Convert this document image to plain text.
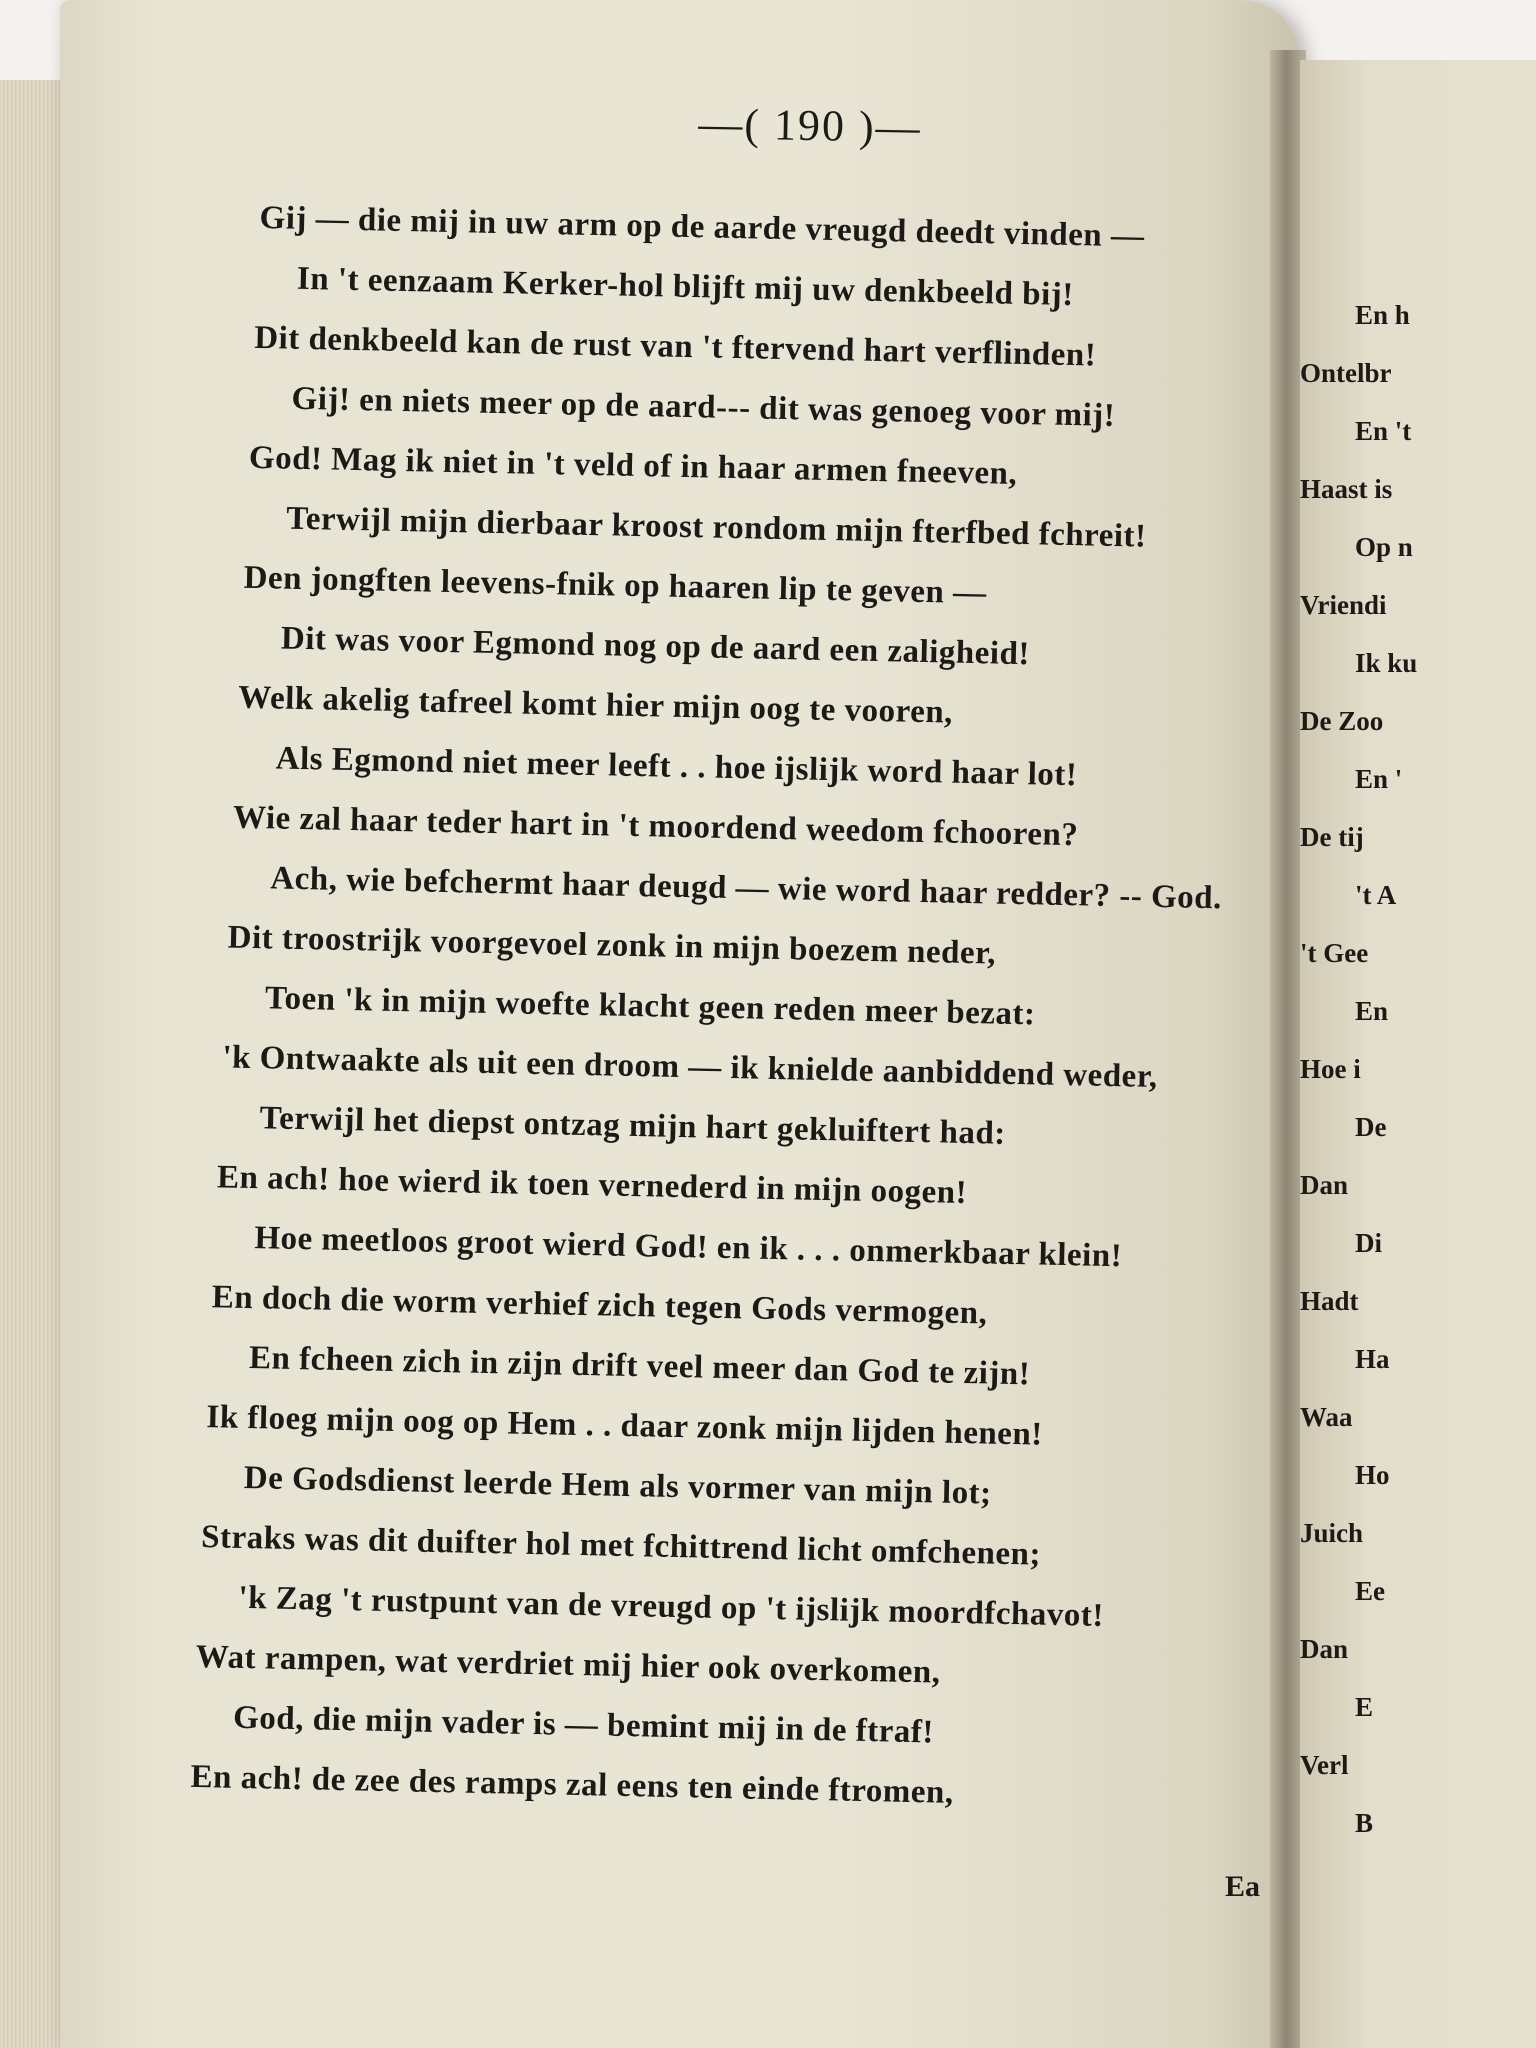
En h
Ontelbr
En 't
Haast is
Op n
Vriendi
Ik ku
De Zoo
En '
De tij
't A
't Gee
En
Hoe i
De
Dan
Di
Hadt
Ha
Waa
Ho
Juich
Ee
Dan
E
Verl
B
—( 190 )—
Gij — die mij in uw arm op de aarde vreugd deedt vinden —
In 't eenzaam Kerker-hol blijft mij uw denkbeeld bij!
Dit denkbeeld kan de rust van 't ftervend hart verflinden!
Gij! en niets meer op de aard--- dit was genoeg voor mij!
God! Mag ik niet in 't veld of in haar armen fneeven,
Terwijl mijn dierbaar kroost rondom mijn fterfbed fchreit!
Den jongften leevens-fnik op haaren lip te geven —
Dit was voor Egmond nog op de aard een zaligheid!
Welk akelig tafreel komt hier mijn oog te vooren,
Als Egmond niet meer leeft . . hoe ijslijk word haar lot!
Wie zal haar teder hart in 't moordend weedom fchooren?
Ach, wie befchermt haar deugd — wie word haar redder? -- God.
Dit troostrijk voorgevoel zonk in mijn boezem neder,
Toen 'k in mijn woefte klacht geen reden meer bezat:
'k Ontwaakte als uit een droom — ik knielde aanbiddend weder,
Terwijl het diepst ontzag mijn hart gekluiftert had:
En ach! hoe wierd ik toen vernederd in mijn oogen!
Hoe meetloos groot wierd God! en ik . . . onmerkbaar klein!
En doch die worm verhief zich tegen Gods vermogen,
En fcheen zich in zijn drift veel meer dan God te zijn!
Ik floeg mijn oog op Hem . . daar zonk mijn lijden henen!
De Godsdienst leerde Hem als vormer van mijn lot;
Straks was dit duifter hol met fchittrend licht omfchenen;
'k Zag 't rustpunt van de vreugd op 't ijslijk moordfchavot!
Wat rampen, wat verdriet mij hier ook overkomen,
God, die mijn vader is — bemint mij in de ftraf!
En ach! de zee des ramps zal eens ten einde ftromen,
Ea
